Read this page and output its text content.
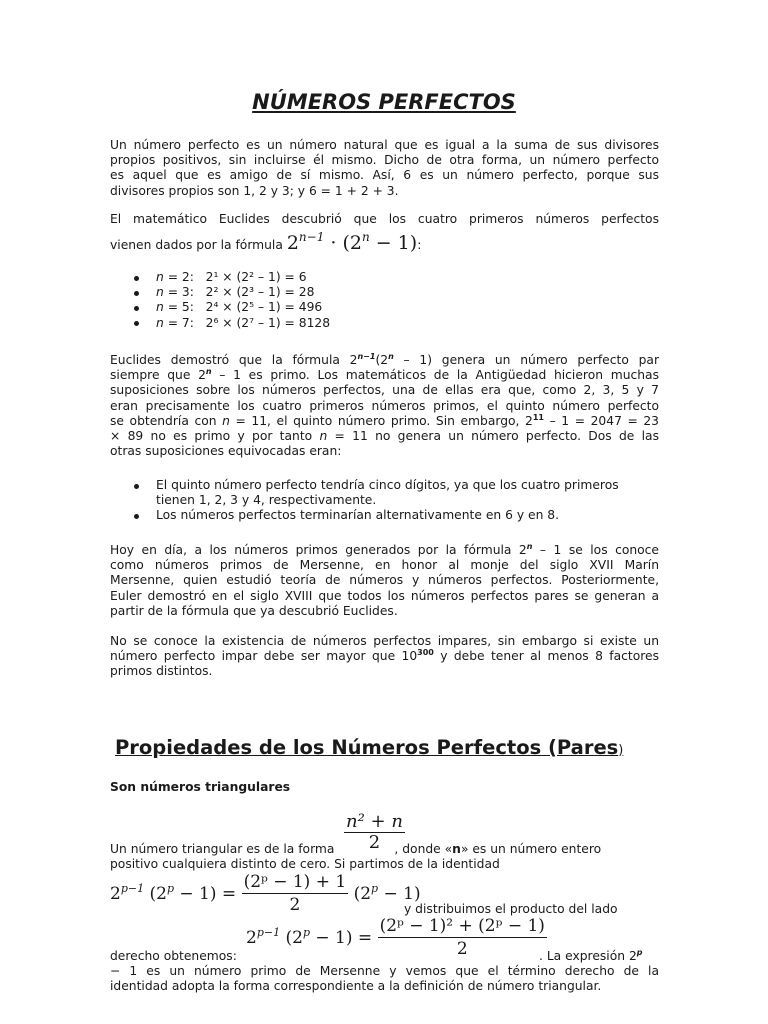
NÚMEROS PERFECTOS
Un número perfecto es un número natural que es igual a la suma de sus divisores
propios positivos, sin incluirse él mismo. Dicho de otra forma, un número perfecto
es aquel que es amigo de sí mismo. Así, 6 es un número perfecto, porque sus
divisores propios son 1, 2 y 3; y 6 = 1 + 2 + 3.
El matemático Euclides descubrió que los cuatro primeros números perfectos
vienen dados por la fórmula $2^{n-1} \cdot (2^n - 1)$:
n = 2: 2¹ × (2² – 1) = 6
n = 3: 2² × (2³ – 1) = 28
n = 5: 2⁴ × (2⁵ – 1) = 496
n = 7: 2⁶ × (2⁷ – 1) = 8128
Euclides demostró que la fórmula $2^{n-1}(2^n - 1)$ genera un número perfecto par
siempre que 2$^n$ – 1 es primo. Los matemáticos de la Antigüedad hicieron muchas
suposiciones sobre los números perfectos, una de ellas era que, como 2, 3, 5 y 7
eran precisamente los cuatro primeros números primos, el quinto número perfecto
se obtendría con n = 11, el quinto número primo. Sin embargo, $2^{11} - 1 = 2047 = 23$
× 89 no es primo y por tanto n = 11 no genera un número perfecto. Dos de las
otras suposiciones equivocadas eran:
El quinto número perfecto tendría cinco dígitos, ya que los cuatro primeros
tienen 1, 2, 3 y 4, respectivamente.
Los números perfectos terminarían alternativamente en 6 y en 8.
Hoy en día, a los números primos generados por la fórmula 2$^n$ – 1 se los conoce
como números primos de Mersenne, en honor al monje del siglo XVII Marín
Mersenne, quien estudió teoría de números y números perfectos. Posteriormente,
Euler demostró en el siglo XVIII que todos los números perfectos pares se generan a
partir de la fórmula que ya descubrió Euclides.
No se conoce la existencia de números perfectos impares, sin embargo si existe un
número perfecto impar debe ser mayor que $10^{300}$ y debe tener al menos 8 factores
primos distintos.
Propiedades de los Números Perfectos (Pares)
Son números triangulares
$\frac{\text{n² + n}}{2}$
Un número triangular es de la forma	, donde «n» es un número entero
positivo cualquiera distinto de cero. Si partimos de la identidad
$2^{p-1}$ $(2^p - 1) = \frac{\text{(2ᵖ − 1) + 1}}{2} (2^p - 1)$
y distribuimos el producto del lado
$2^{p-1}$ $(2^p - 1) = \frac{\text{(2ᵖ − 1)² + (2ᵖ − 1)}}{2}$
derecho obtenemos:	. La expresión $2^p$
− 1 es un número primo de Mersenne y vemos que el término derecho de la
identidad adopta la forma correspondiente a la definición de número triangular.
